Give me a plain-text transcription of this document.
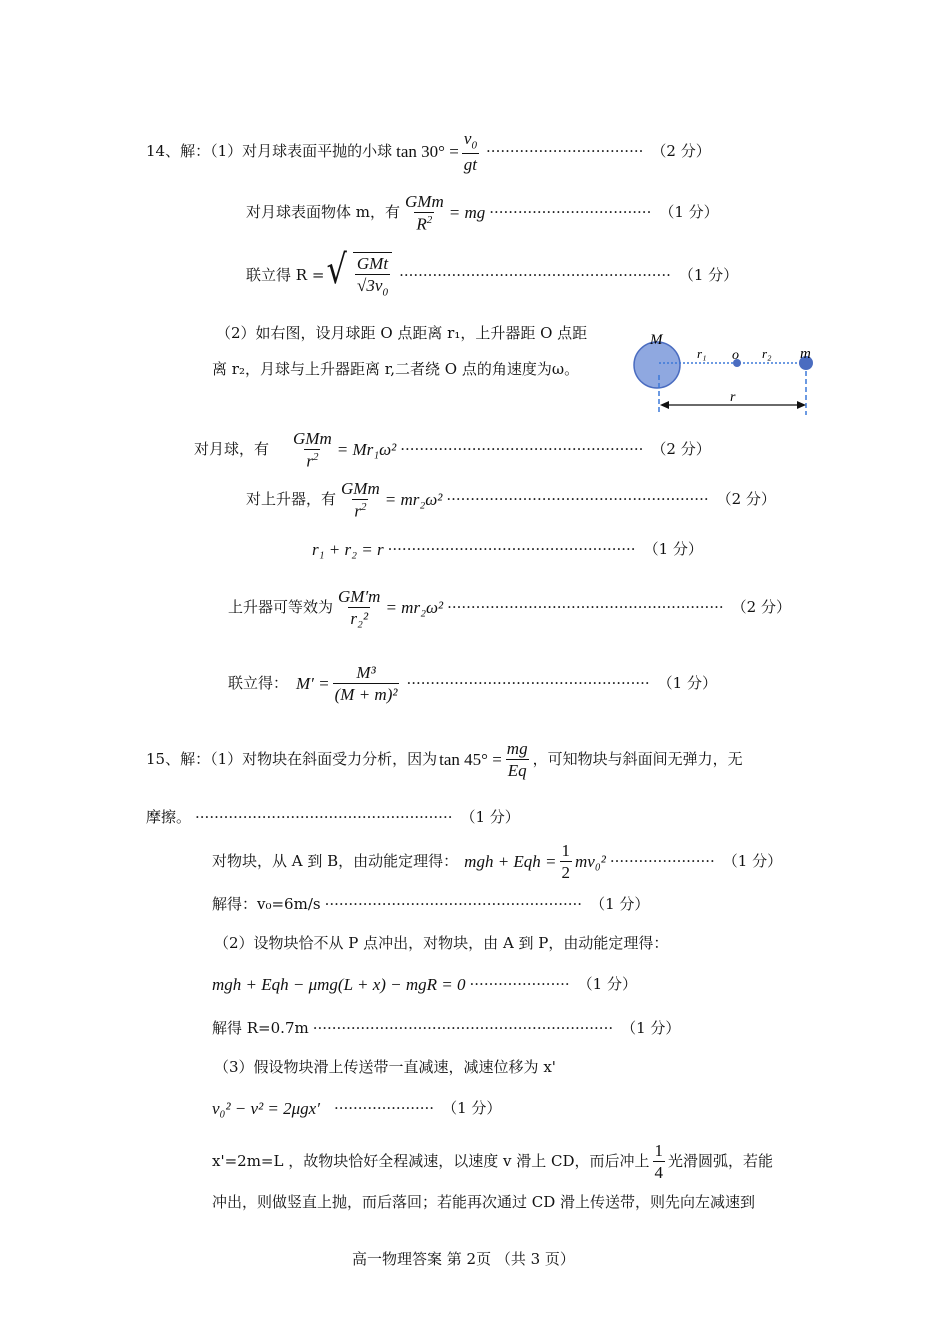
14、解：（1）对月球表面平抛的小球 $\tan 30^\circ = \frac{v_0}{gt}$ ································· （2 分）
对月球表面物体 m，有 $\frac{\text{GMm}}{R^2}$ = mg ·································· （1 分）
联立得 R = √ $\frac{\text{GMt}}{√3v_0}$ ························································· （1 分）
（2）如右图，设月球距 O 点距离 r₁，上升器距 O 点距
离 r₂，月球与上升器距离 r,二者绕 O 点的角速度为ω。
M
r₁ o r₂ m
r
对月球，有 $\frac{\text{GMm}}{r^2} = Mr_1\omega^2$ ··················································· （2 分）
对上升器，有 $\frac{\text{GMm}}{r^2} = mr_2\omega^2$ ······················································· （2 分）
r₁ + r₂ = r ···················································· （1 分）
上升器可等效为 $\frac{GM'm}{\text{r₂²}} = mr_2\omega^2$ ·························································· （2 分）
联立得： $M' = \frac{\text{M³}}{\text{(M + m)²}}$ ··················································· （1 分）
15、解：（1）对物块在斜面受力分析，因为 $\tan 45^\circ = \frac{mg}{Eq}$ ，可知物块与斜面间无弹力，无
摩擦。 ······················································ （1 分）
对物块，从 A 到 B，由动能定理得： mgh + Eqh = $\frac{1}{2} mv_0^2$ ······················ （1 分）
解得：v₀=6m/s ······················································ （1 分）
（2）设物块恰不从 P 点冲出，对物块，由 A 到 P，由动能定理得：
mgh + Eqh − μmg(L + x) − mgR = 0 ····················· （1 分）
解得 R=0.7m ······························································· （1 分）
（3）假设物块滑上传送带一直减速，减速位移为 x'
v₀² − v² = 2μgx′ ····················· （1 分）
x'=2m=L ，故物块恰好全程减速，以速度 v 滑上 CD，而后冲上 $\frac{1}{4}$ 光滑圆弧，若能
冲出，则做竖直上抛，而后落回；若能再次通过 CD 滑上传送带，则先向左减速到
高一物理答案 第 2页 （共 3 页）
